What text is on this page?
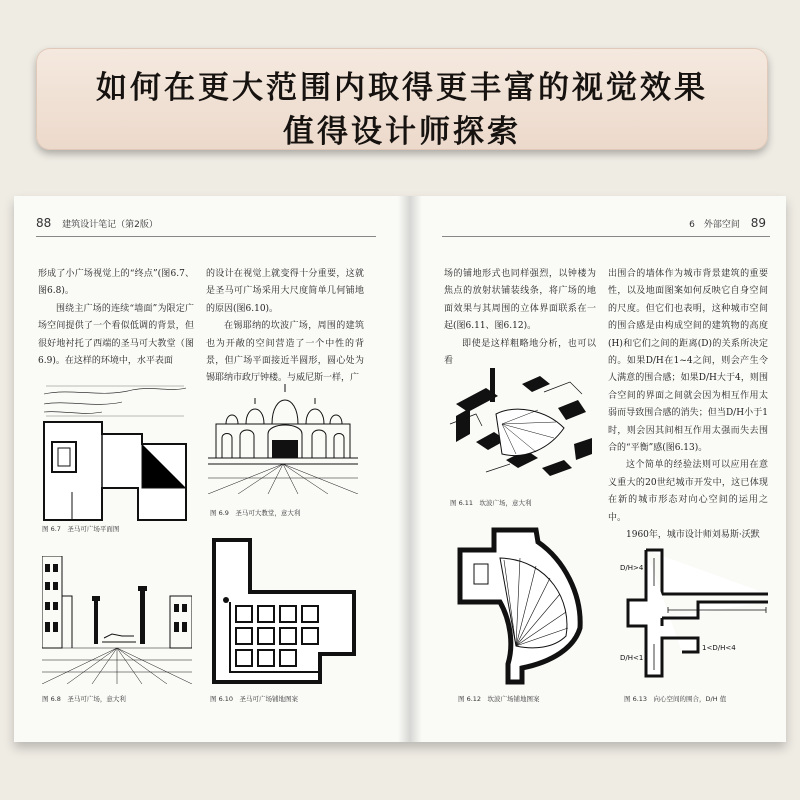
如何在更大范围内取得更丰富的视觉效果
值得设计师探索
88 建筑设计笔记（第2版）

形成了小广场视觉上的“终点”(图6.7、图6.8)。

围绕主广场的连续“墙面”为限定广场空间提供了一个看似低调的背景，但很好地衬托了西端的圣马可大教堂（图6.9)。在这样的环境中，水平表面

的设计在视觉上就变得十分重要，这就是圣马可广场采用大尺度简单几何铺地的原因(图6.10)。

在锡耶纳的坎波广场，周围的建筑也为开敞的空间营造了一个中性的背景，但广场平面接近半圆形，圆心处为锡耶纳市政厅钟楼。与威尼斯一样，广

图 6.7　圣马可广场平面图
图 6.9　圣马可大教堂，意大利
图 6.8　圣马可广场，意大利	图 6.10　圣马可广场铺地图案
6　外部空间 89

场的铺地形式也同样强烈，以钟楼为焦点的放射状铺装线条，将广场的地面效果与其周围的立体界面联系在一起(图6.11、图6.12)。

即使是这样粗略地分析，也可以看

出围合的墙体作为城市背景建筑的重要性，以及地面图案如何反映它自身空间的尺度。但它们也表明，这种城市空间的围合感是由构成空间的建筑物的高度(H)和它们之间的距离(D)的关系所决定的。如果D/H在1~4之间，则会产生令人满意的围合感；如果D/H大于4，则围合空间的界面之间就会因为相互作用太弱而导致围合感的消失；但当D/H小于1时，则会因其间相互作用太强而失去围合的“平衡”感(图6.13)。

这个简单的经验法则可以应用在意义重大的20世纪城市开发中，这已体现在新的城市形态对向心空间的运用之中。

1960年，城市设计师刘易斯·沃默

图 6.11　坎波广场，意大利
图 6.12　坎波广场铺地图案
D/H>4
1<D/H<4
D/H<1
图 6.13　向心空间的围合，D/H 值
